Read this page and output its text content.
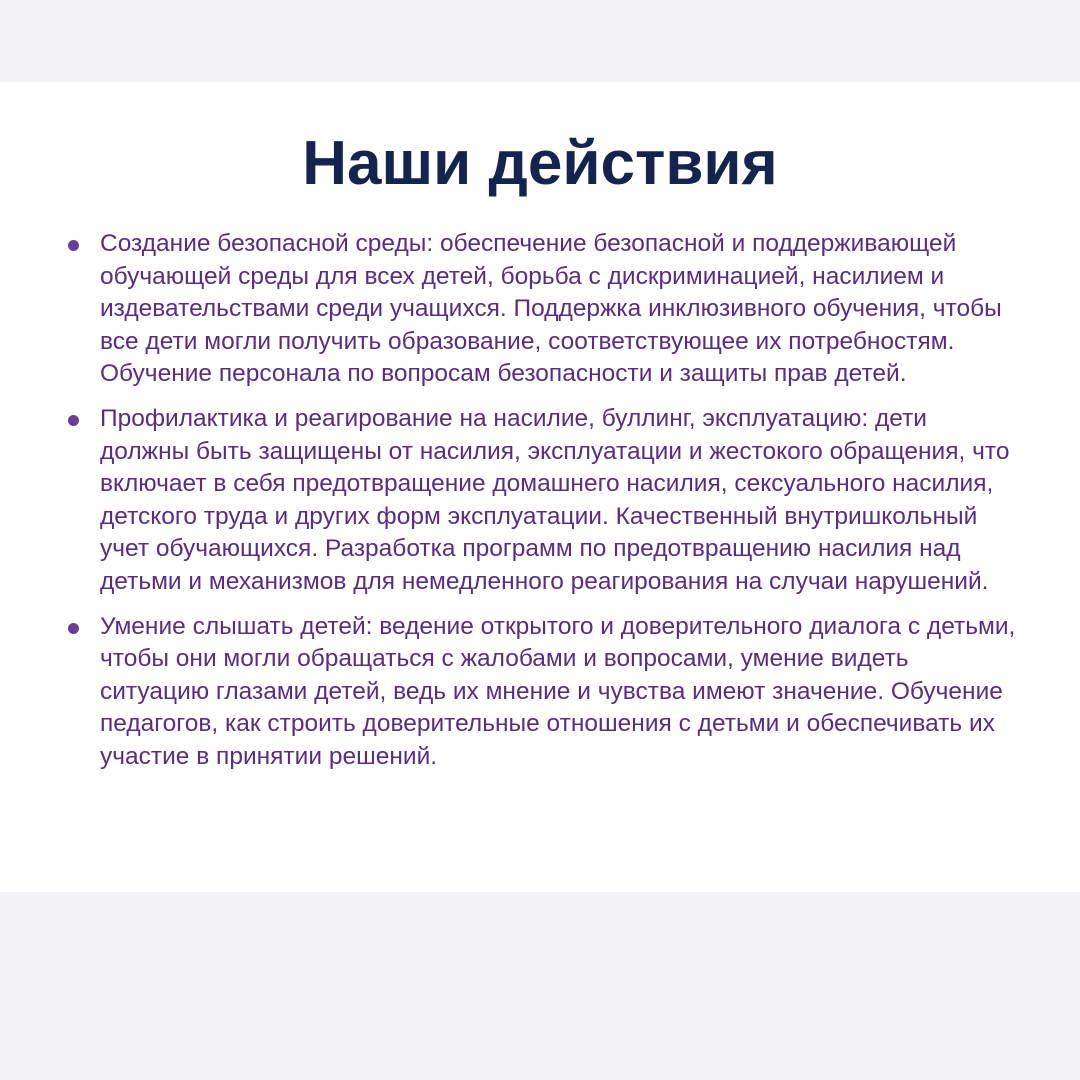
Наши действия
Создание безопасной среды: обеспечение безопасной и поддерживающей обучающей среды для всех детей, борьба с дискриминацией, насилием и издевательствами среди учащихся. Поддержка инклюзивного обучения, чтобы все дети могли получить образование, соответствующее их потребностям. Обучение персонала по вопросам безопасности и защиты прав детей.
Профилактика и реагирование на насилие, буллинг, эксплуатацию: дети должны быть защищены от насилия, эксплуатации и жестокого обращения, что включает в себя предотвращение домашнего насилия, сексуального насилия, детского труда и других форм эксплуатации. Качественный внутришкольный учет обучающихся. Разработка программ по предотвращению насилия над детьми и механизмов для немедленного реагирования на случаи нарушений.
Умение слышать детей: ведение открытого и доверительного диалога с детьми, чтобы они могли обращаться с жалобами и вопросами, умение видеть ситуацию глазами детей, ведь их мнение и чувства имеют значение. Обучение педагогов, как строить доверительные отношения с детьми и обеспечивать их участие в принятии решений.
